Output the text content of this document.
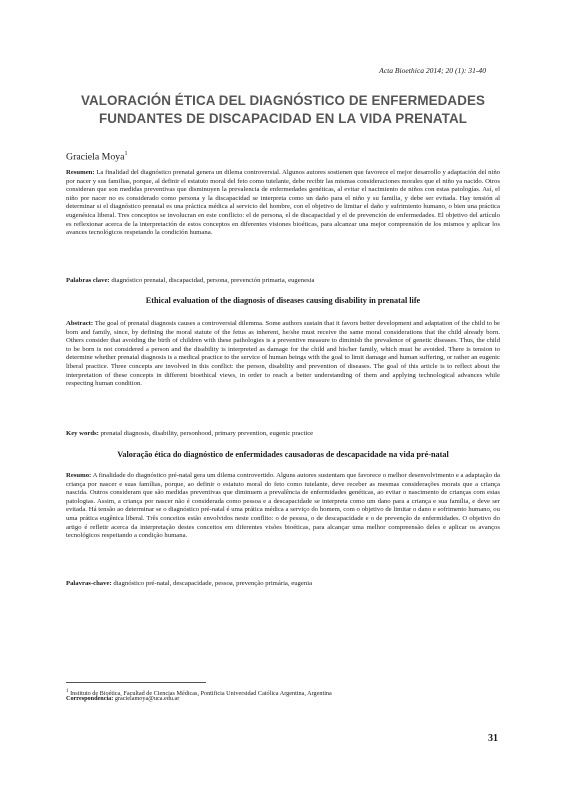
Acta Bioethica 2014; 20 (1): 31-40
VALORACIÓN ÉTICA DEL DIAGNÓSTICO DE ENFERMEDADES FUNDANTES DE DISCAPACIDAD EN LA VIDA PRENATAL
Graciela Moya$^1$
Resumen: La finalidad del diagnóstico prenatal genera un dilema controversial. Algunos autores sostienen que favorece el mejor desarrollo y adaptación del niño por nacer y sus familias, porque, al definir el estatuto moral del feto como tutelante, debe recibir las mismas consideraciones morales que el niño ya nacido. Otros consideran que son medidas preventivas que disminuyen la prevalencia de enfermedades genéticas, al evitar el nacimiento de niños con estas patologías. Así, el niño por nacer no es considerado como persona y la discapacidad se interpreta como un daño para el niño y su familia, y debe ser evitada. Hay tensión al determinar si el diagnóstico prenatal es una práctica médica al servicio del hombre, con el objetivo de limitar el daño y sufrimiento humano, o bien una práctica eugenésica liberal. Tres conceptos se involucran en este conflicto: el de persona, el de discapacidad y el de prevención de enfermedades. El objetivo del artículo es reflexionar acerca de la interpretación de estos conceptos en diferentes visiones bioéticas, para alcanzar una mejor comprensión de los mismos y aplicar los avances tecnológicos respetando la condición humana.
Palabras clave: diagnóstico prenatal, discapacidad, persona, prevención primaria, eugenesia
Ethical evaluation of the diagnosis of diseases causing disability in prenatal life
Abstract: The goal of prenatal diagnosis causes a controversial dilemma. Some authors sustain that it favors better development and adaptation of the child to be born and family, since, by defining the moral statute of the fetus as inherent, he/she must receive the same moral considerations that the child already born. Others consider that avoiding the birth of children with these pathologies is a preventive measure to diminish the prevalence of genetic diseases. Thus, the child to be born is not considered a person and the disability is interpreted as damage for the child and his/her family, which must be avoided. There is tension to determine whether prenatal diagnosis is a medical practice to the service of human beings with the goal to limit damage and human suffering, or rather an eugenic liberal practice. Three concepts are involved in this conflict: the person, disability and prevention of diseases. The goal of this article is to reflect about the interpretation of these concepts in different bioethical views, in order to reach a better understanding of them and applying technological advances while respecting human condition.
Key words: prenatal diagnosis, disability, personhood, primary prevention, eugenic practice
Valoração ética do diagnóstico de enfermidades causadoras de descapacidade na vida pré-natal
Resumo: A finalidade do diagnóstico pré-natal gera um dilema controvertido. Alguns autores sustentam que favorece o melhor desenvolvimento e a adaptação da criança por nascer e suas famílias, porque, ao definir o estatuto moral do feto como tutelante, deve receber as mesmas considerações morais que a criança nascida. Outros consideram que são medidas preventivas que diminuem a prevalência de enfermidades genéticas, ao evitar o nascimento de crianças com estas patologias. Assim, a criança por nascer não é considerada como pessoa e a descapacidade se interpreta como um dano para a criança e sua família, e deve ser evitada. Há tensão ao determinar se o diagnóstico pré-natal é uma prática médica a serviço do homem, com o objetivo de limitar o dano e sofrimento humano, ou uma prática eugênica liberal. Três conceitos estão envolvidos neste conflito: o de pessoa, o de descapacidade e o de prevenção de enfermidades. O objetivo do artigo é refletir acerca da interpretação destes conceitos em diferentes visões bioéticas, para alcançar uma melhor compreensão deles e aplicar os avanços tecnológicos respeitando a condição humana.
Palavras-chave: diagnóstico pré-natal, descapacidade, pessoa, prevenção primária, eugenia
$^1$ Instituto de Bioética, Facultad de Ciencias Médicas, Pontificia Universidad Católica Argentina, Argentina
Correspondencia: gracielamoya@uca.edu.ar
31
